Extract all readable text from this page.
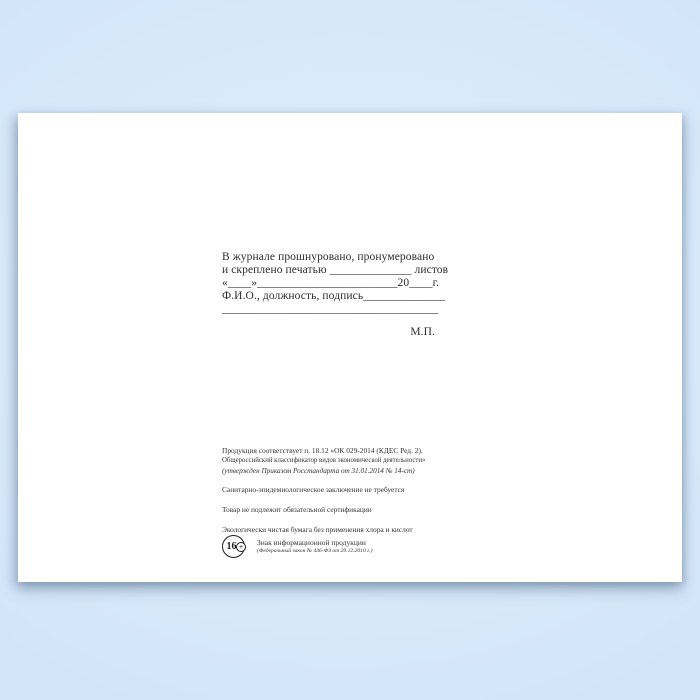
В журнале прошнуровано, пронумеровано
и скреплено печатью ______________ листов
«____»________________________20____г.
Ф.И.О., должность, подпись______________
_____________________________________
М.П.
Продукция соответствует п. 18.12 «ОК 029-2014 (КДЕС Ред. 2).
Общероссийский классификатор видов экономической деятельности»
(утвержден Приказом Росстандарта от 31.01.2014 № 14-ст)
Санитарно-эпидемиологическое заключение не требуется
Товар не подлежит обязательной сертификации
Экологически чистая бумага без применения хлора и кислот
16 +	Знак информационной продукции
(Федеральный закон № 436-ФЗ от 29.12.2010 г.)
